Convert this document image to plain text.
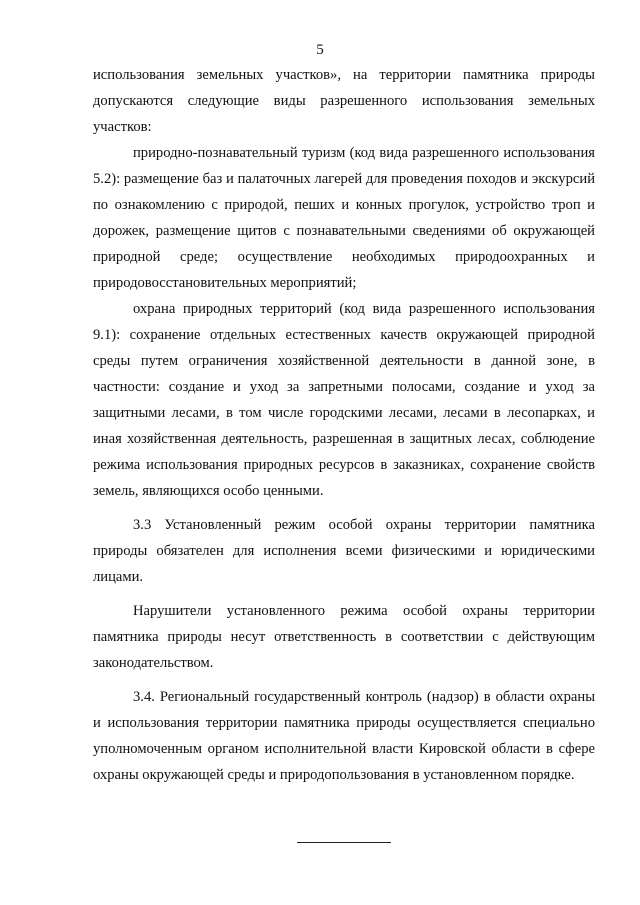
5

использования земельных участков», на территории памятника природы допускаются следующие виды разрешенного использования земельных участков:

природно-познавательный туризм (код вида разрешенного использования 5.2): размещение баз и палаточных лагерей для проведения походов и экскурсий по ознакомлению с природой, пеших и конных прогулок, устройство троп и дорожек, размещение щитов с познавательными сведениями об окружающей природной среде; осуществление необходимых природоохранных и природовосстановительных мероприятий;

охрана природных территорий (код вида разрешенного использования 9.1): сохранение отдельных естественных качеств окружающей природной среды путем ограничения хозяйственной деятельности в данной зоне, в частности: создание и уход за запретными полосами, создание и уход за защитными лесами, в том числе городскими лесами, лесами в лесопарках, и иная хозяйственная деятельность, разрешенная в защитных лесах, соблюдение режима использования природных ресурсов в заказниках, сохранение свойств земель, являющихся особо ценными.

3.3 Установленный режим особой охраны территории памятника природы обязателен для исполнения всеми физическими и юридическими лицами.

Нарушители установленного режима особой охраны территории памятника природы несут ответственность в соответствии с действующим законодательством.

3.4. Региональный государственный контроль (надзор) в области охраны и использования территории памятника природы осуществляется специально уполномоченным органом исполнительной власти Кировской области в сфере охраны окружающей среды и природопользования в установленном порядке.
